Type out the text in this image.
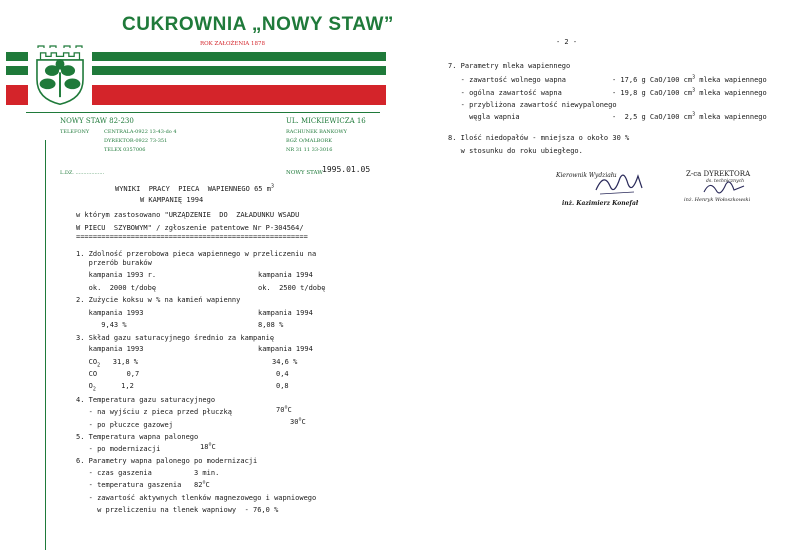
CUKROWNIA „NOWY STAW”
ROK ZAŁOŻENIA 1878
NOWY STAW 82-230	UL. MICKIEWICZA 16
TELEFONY	CENTRALA-0922 13-43-do 4
DYREKTOR-0922 73-351
TELEX 0357006
RACHUNEK BANKOWY
BGŻ O/MALBORK
NR 31 11 33-3016
L.DZ. ..................	NOWY STAW 1995.01.05
WYNIKI  PRACY  PIECA  WAPIENNEGO 65 $m^3$
W KAMPANIĘ 1994
w którym zastosowano "URZĄDZENIE  DO  ZAŁADUNKU WSADU
W PIECU  SZYBOWYM" / zgłoszenie patentowe Nr P-304564/
=======================================================
1. Zdolność przerobowa pieca wapiennego w przeliczeniu na
przerób buraków
kampania 1993 r.	kampania 1994
ok.  2000 t/dobę	ok.  2500 t/dobę
2. Zużycie koksu w % na kamień wapienny
kampania 1993	kampania 1994
9,43 %	8,08 %
3. Skład gazu saturacyjnego średnio za kampanię
kampania 1993	kampania 1994
$CO_2$   31,8 %	34,6 %
CO       0,7	0,4
$O_2$      1,2	0,8
4. Temperatura gazu saturacyjnego
- na wyjściu z pieca przed płuczką	70$^o$C
- po płuczce gazowej	30$^o$C
5. Temperatura wapna palonego
- po modernizacji	18$^o$C
6. Parametry wapna palonego po modernizacji
- czas gaszenia          3 min.
- temperatura gaszenia   82$^o$C
- zawartość aktywnych tlenków magnezowego i wapniowego
w przeliczeniu na tlenek wapniowy  - 76,0 %
- 2 -
7. Parametry mleka wapiennego
- zawartość wolnego wapna	- 17,6 g CaO/100 $cm^3$ mleka wapiennego
- ogólna zawartość wapna	- 19,8 g CaO/100 $cm^3$ mleka wapiennego
- przybliżona zawartość niewypalonego
węgla wapnia	-  2,5 g CaO/100 $cm^3$ mleka wapiennego
8. Ilość niedopałów - mniejsza o około 30 %
w stosunku do roku ubiegłego.
Kierownik Wydziału
inż. Kazimierz Konefał
Z-ca DYREKTORA
ds. technicznych
inż. Henryk Wołoszkowski
